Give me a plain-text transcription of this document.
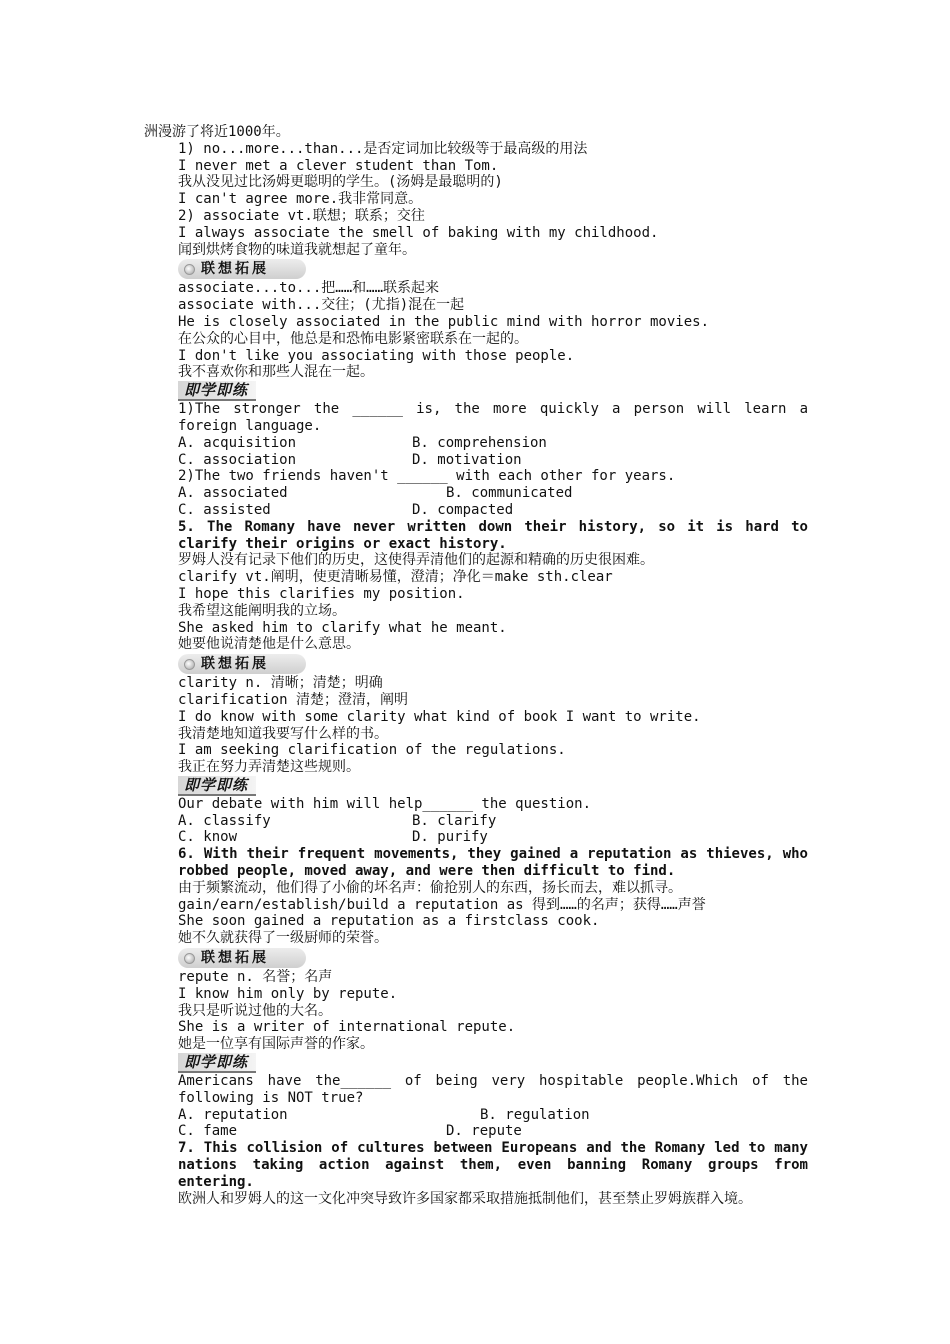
洲漫游了将近1000年。
1) no...more...than...是否定词加比较级等于最高级的用法
I never met a clever student than Tom.
我从没见过比汤姆更聪明的学生。(汤姆是最聪明的)
I can't agree more.我非常同意。
2) associate vt.联想；联系；交往
I always associate the smell of baking with my childhood.
闻到烘烤食物的味道我就想起了童年。
联想拓展
associate...to...把……和……联系起来
associate with...交往；(尤指)混在一起
He is closely associated in the public mind with horror movies.
在公众的心目中，他总是和恐怖电影紧密联系在一起的。
I don't like you associating with those people.
我不喜欢你和那些人混在一起。
即学即练
1)The stronger the ______ is, the more quickly a person will learn a foreign language.
A. acquisition	B. comprehension
C. association	D. motivation
2)The two friends haven't ______ with each other for years.
A. associated	B. communicated
C. assisted	D. compacted
5. The Romany have never written down their history, so it is hard to clarify their origins or exact history.
罗姆人没有记录下他们的历史，这使得弄清他们的起源和精确的历史很困难。
clarify vt.阐明，使更清晰易懂，澄清；净化＝make sth.clear
I hope this clarifies my position.
我希望这能阐明我的立场。
She asked him to clarify what he meant.
她要他说清楚他是什么意思。
联想拓展
clarity n. 清晰；清楚；明确
clarification 清楚；澄清，阐明
I do know with some clarity what kind of book I want to write.
我清楚地知道我要写什么样的书。
I am seeking clarification of the regulations.
我正在努力弄清楚这些规则。
即学即练
Our debate with him will help______ the question.
A. classify	B. clarify
C. know	D. purify
6. With their frequent movements, they gained a reputation as thieves, who robbed people, moved away, and were then difficult to find.
由于频繁流动，他们得了小偷的坏名声：偷抢别人的东西，扬长而去，难以抓寻。
gain/earn/establish/build a reputation as 得到……的名声；获得……声誉
She soon gained a reputation as a firstclass cook.
她不久就获得了一级厨师的荣誉。
联想拓展
repute n. 名誉；名声
I know him only by repute.
我只是听说过他的大名。
She is a writer of international repute.
她是一位享有国际声誉的作家。
即学即练
Americans have the______ of being very hospitable people.Which of the following is NOT true?
A. reputation	B. regulation
C. fame	D. repute
7. This collision of cultures between Europeans and the Romany led to many nations taking action against them, even banning Romany groups from entering.
欧洲人和罗姆人的这一文化冲突导致许多国家都采取措施抵制他们，甚至禁止罗姆族群入境。
